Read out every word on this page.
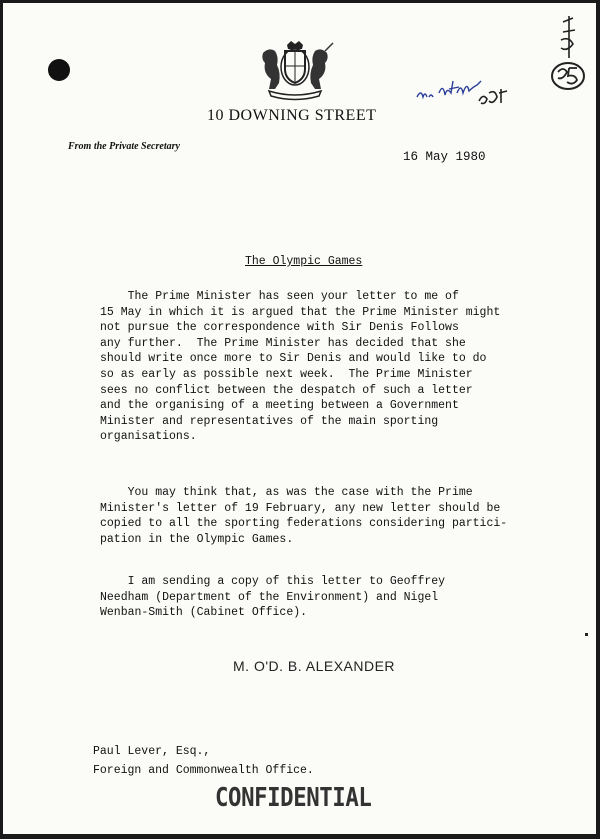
10 DOWNING STREET
From the Private Secretary
16 May 1980
The Olympic Games

The Prime Minister has seen your letter to me of
15 May in which it is argued that the Prime Minister might
not pursue the correspondence with Sir Denis Follows
any further.  The Prime Minister has decided that she
should write once more to Sir Denis and would like to do
so as early as possible next week.  The Prime Minister
sees no conflict between the despatch of such a letter
and the organising of a meeting between a Government
Minister and representatives of the main sporting
organisations.

You may think that, as was the case with the Prime
Minister's letter of 19 February, any new letter should be
copied to all the sporting federations considering partici-
pation in the Olympic Games.

I am sending a copy of this letter to Geoffrey
Needham (Department of the Environment) and Nigel
Wenban-Smith (Cabinet Office).

M. O'D. B. ALEXANDER
Paul Lever, Esq.,
Foreign and Commonwealth Office.
CONFIDENTIAL
